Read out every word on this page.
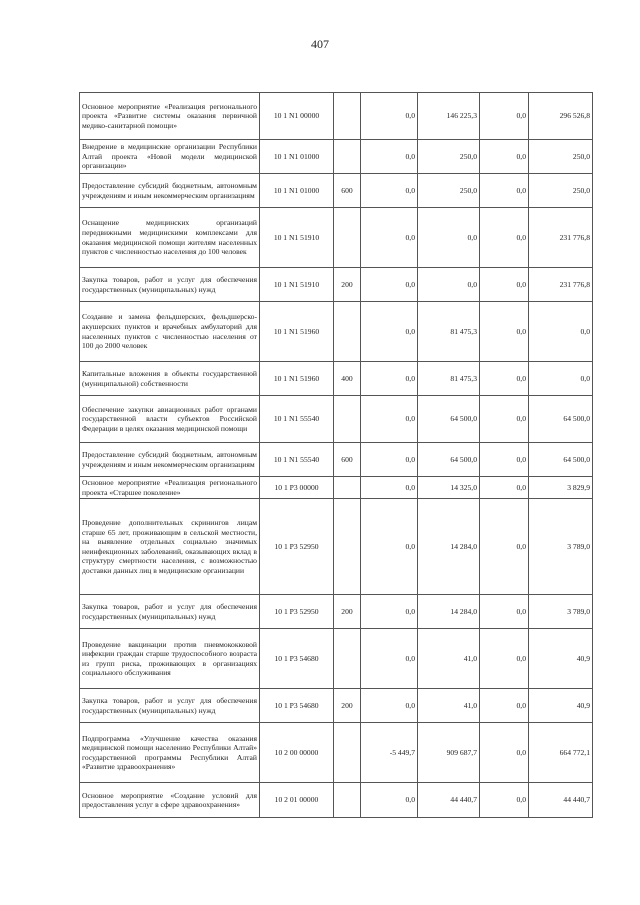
407
Основное мероприятие «Реализация регионального проекта «Развитие системы оказания первичной медико-санитарной помощи»	10 1 N1 00000		0,0	146 225,3	0,0	296 526,8
Внедрение в медицинские организации Республики Алтай проекта «Новой модели медицинской организации»	10 1 N1 01000		0,0	250,0	0,0	250,0
Предоставление субсидий бюджетным, автономным учреждениям и иным некоммерческим организациям	10 1 N1 01000	600	0,0	250,0	0,0	250,0
Оснащение медицинских организаций передвижными медицинскими комплексами для оказания медицинской помощи жителям населенных пунктов с численностью населения до 100 человек	10 1 N1 51910		0,0	0,0	0,0	231 776,8
Закупка товаров, работ и услуг для обеспечения государственных (муниципальных) нужд	10 1 N1 51910	200	0,0	0,0	0,0	231 776,8
Создание и замена фельдшерских, фельдшерско-акушерских пунктов и врачебных амбулаторий для населенных пунктов с численностью населения от 100 до 2000 человек	10 1 N1 51960		0,0	81 475,3	0,0	0,0
Капитальные вложения в объекты государственной (муниципальной) собственности	10 1 N1 51960	400	0,0	81 475,3	0,0	0,0
Обеспечение закупки авиационных работ органами государственной власти субъектов Российской Федерации в целях оказания медицинской помощи	10 1 N1 55540		0,0	64 500,0	0,0	64 500,0
Предоставление субсидий бюджетным, автономным учреждениям и иным некоммерческим организациям	10 1 N1 55540	600	0,0	64 500,0	0,0	64 500,0
Основное мероприятие «Реализация регионального проекта «Старшее поколение»	10 1 P3 00000		0,0	14 325,0	0,0	3 829,9
Проведение дополнительных скринингов лицам старше 65 лет, проживающим в сельской местности, на выявление отдельных социально значимых неинфекционных заболеваний, оказывающих вклад в структуру смертности населения, с возможностью доставки данных лиц в медицинские организации	10 1 P3 52950		0,0	14 284,0	0,0	3 789,0
Закупка товаров, работ и услуг для обеспечения государственных (муниципальных) нужд	10 1 P3 52950	200	0,0	14 284,0	0,0	3 789,0
Проведение вакцинации против пневмококковой инфекции граждан старше трудоспособного возраста из групп риска, проживающих в организациях социального обслуживания	10 1 P3 54680		0,0	41,0	0,0	40,9
Закупка товаров, работ и услуг для обеспечения государственных (муниципальных) нужд	10 1 P3 54680	200	0,0	41,0	0,0	40,9
Подпрограмма «Улучшение качества оказания медицинской помощи населению Республики Алтай» государственной программы Республики Алтай «Развитие здравоохранения»	10 2 00 00000		-5 449,7	909 687,7	0,0	664 772,1
Основное мероприятие «Создание условий для предоставления услуг в сфере здравоохранения»	10 2 01 00000		0,0	44 440,7	0,0	44 440,7
